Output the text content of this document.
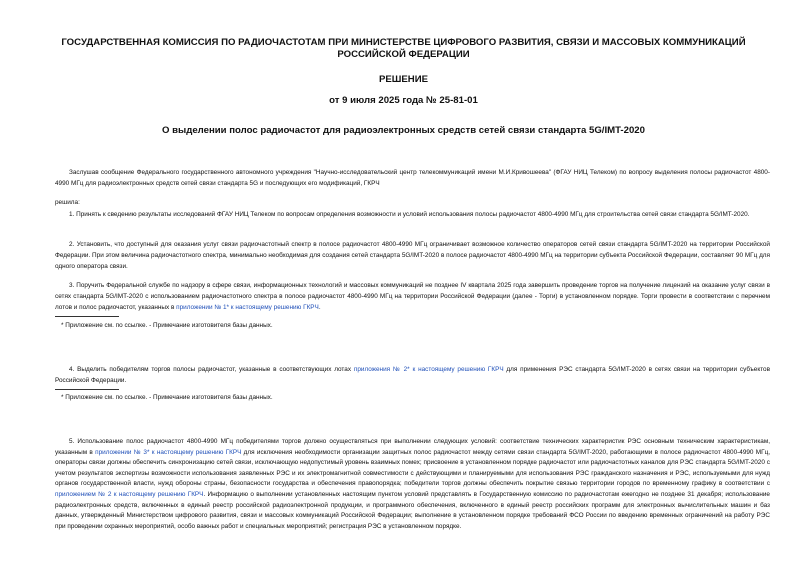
ГОСУДАРСТВЕННАЯ КОМИССИЯ ПО РАДИОЧАСТОТАМ ПРИ МИНИСТЕРСТВЕ ЦИФРОВОГО РАЗВИТИЯ, СВЯЗИ И МАССОВЫХ КОММУНИКАЦИЙ РОССИЙСКОЙ ФЕДЕРАЦИИ
РЕШЕНИЕ
от 9 июля 2025 года № 25-81-01
О выделении полос радиочастот для радиоэлектронных средств сетей связи стандарта 5G/IMT-2020

Заслушав сообщение Федерального государственного автономного учреждения "Научно-исследовательский центр телекоммуникаций имени М.И.Кривошеева" (ФГАУ НИЦ Телеком) по вопросу выделения полосы радиочастот 4800-4990 МГц для радиоэлектронных средств сетей связи стандарта 5G и последующих его модификаций, ГКРЧ

решила:

1. Принять к сведению результаты исследований ФГАУ НИЦ Телеком по вопросам определения возможности и условий использования полосы радиочастот 4800-4990 МГц для строительства сетей связи стандарта 5G/IMT-2020.

2. Установить, что доступный для оказания услуг связи радиочастотный спектр в полосе радиочастот 4800-4990 МГц ограничивает возможное количество операторов сетей связи стандарта 5G/IMT-2020 на территории Российской Федерации. При этом величина радиочастотного спектра, минимально необходимая для создания сетей стандарта 5G/IMT-2020 в полосе радиочастот 4800-4990 МГц на территории субъекта Российской Федерации, составляет 90 МГц для одного оператора связи.

3. Поручить Федеральной службе по надзору в сфере связи, информационных технологий и массовых коммуникаций не позднее IV квартала 2025 года завершить проведение торгов на получение лицензий на оказание услуг связи в сетях стандарта 5G/IMT-2020 с использованием радиочастотного спектра в полосе радиочастот 4800-4990 МГц на территории Российской Федерации (далее - Торги) в установленном порядке. Торги провести в соответствии с перечнем лотов и полос радиочастот, указанных в приложении № 1* к настоящему решению ГКРЧ.

* Приложение см. по ссылке. - Примечание изготовителя базы данных.

4. Выделить победителям торгов полосы радиочастот, указанные в соответствующих лотах приложения № 2* к настоящему решению ГКРЧ для применения РЭС стандарта 5G/IMT-2020 в сетях связи на территории субъектов Российской Федерации.

* Приложение см. по ссылке. - Примечание изготовителя базы данных.

5. Использование полос радиочастот 4800-4990 МГц победителями торгов должно осуществляться при выполнении следующих условий: соответствие технических характеристик РЭС основным техническим характеристикам, указанным в приложении № 3* к настоящему решению ГКРЧ для исключения необходимости организации защитных полос радиочастот между сетями связи стандарта 5G/IMT-2020, работающими в полосе радиочастот 4800-4990 МГц, операторы связи должны обеспечить синхронизацию сетей связи, исключающую недопустимый уровень взаимных помех; присвоение в установленном порядке радиочастот или радиочастотных каналов для РЭС стандарта 5G/IMT-2020 с учетом результатов экспертизы возможности использования заявленных РЭС и их электромагнитной совместимости с действующими и планируемыми для использования РЭС гражданского назначения и РЭС, используемыми для нужд органов государственной власти, нужд обороны страны, безопасности государства и обеспечения правопорядка; победители торгов должны обеспечить покрытие связью территории городов по временному графику в соответствии с приложением № 2 к настоящему решению ГКРЧ. Информацию о выполнении установленных настоящим пунктом условий представлять в Государственную комиссию по радиочастотам ежегодно не позднее 31 декабря; использование радиоэлектронных средств, включенных в единый реестр российской радиоэлектронной продукции, и программного обеспечения, включенного в единый реестр российских программ для электронных вычислительных машин и баз данных, утвержденный Министерством цифрового развития, связи и массовых коммуникаций Российской Федерации; выполнение в установленном порядке требований ФСО России по введению временных ограничений на работу РЭС при проведении охранных мероприятий, особо важных работ и специальных мероприятий; регистрация РЭС в установленном порядке.
